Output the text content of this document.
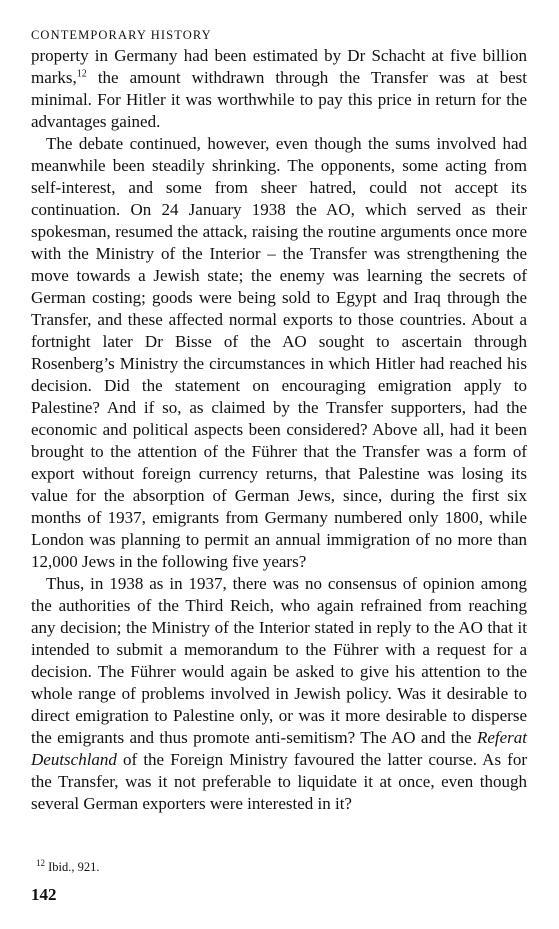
CONTEMPORARY HISTORY

property in Germany had been estimated by Dr Schacht at five billion marks,$^{12}$ the amount withdrawn through the Transfer was at best minimal. For Hitler it was worthwhile to pay this price in return for the advantages gained.

The debate continued, however, even though the sums involved had meanwhile been steadily shrinking. The opponents, some acting from self-interest, and some from sheer hatred, could not accept its continuation. On 24 January 1938 the AO, which served as their spokesman, resumed the attack, raising the routine arguments once more with the Ministry of the Interior – the Transfer was strengthening the move towards a Jewish state; the enemy was learning the secrets of German costing; goods were being sold to Egypt and Iraq through the Transfer, and these affected normal exports to those countries. About a fortnight later Dr Bisse of the AO sought to ascertain through Rosenberg’s Ministry the circumstances in which Hitler had reached his decision. Did the statement on encouraging emigration apply to Palestine? And if so, as claimed by the Transfer supporters, had the economic and political aspects been considered? Above all, had it been brought to the attention of the Führer that the Transfer was a form of export without foreign currency returns, that Palestine was losing its value for the absorption of German Jews, since, during the first six months of 1937, emigrants from Germany numbered only 1800, while London was planning to permit an annual immigration of no more than 12,000 Jews in the following five years?

Thus, in 1938 as in 1937, there was no consensus of opinion among the authorities of the Third Reich, who again refrained from reaching any decision; the Ministry of the Interior stated in reply to the AO that it intended to submit a memorandum to the Führer with a request for a decision. The Führer would again be asked to give his attention to the whole range of problems involved in Jewish policy. Was it desirable to direct emigration to Palestine only, or was it more desirable to disperse the emigrants and thus promote anti-semitism? The AO and the Referat Deutschland of the Foreign Ministry favoured the latter course. As for the Transfer, was it not preferable to liquidate it at once, even though several German exporters were interested in it?

$^{12}$ Ibid., 921.
142
